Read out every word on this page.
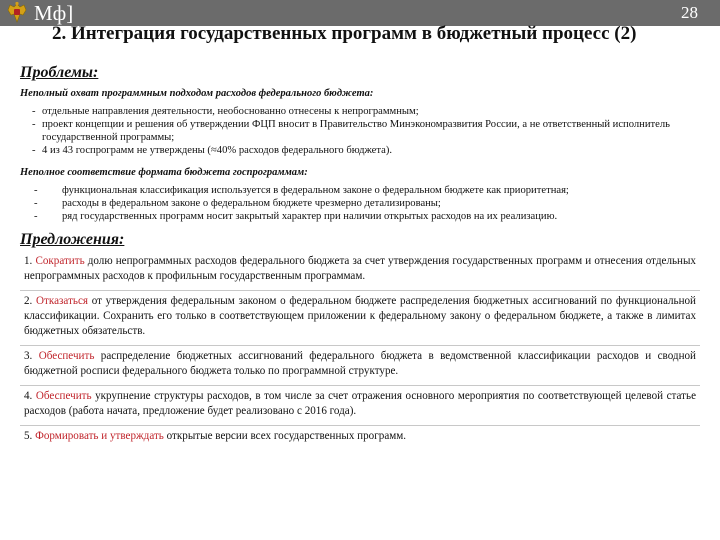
Мф]	28
2. Интеграция государственных программ в бюджетный процесс (2)
Проблемы:
Неполный охват программным подходом расходов федерального бюджета:
- отдельные направления деятельности, необоснованно отнесены к непрограммным;
- проект концепции и решения об утверждении ФЦП вносит в Правительство Минэкономразвития России, а не ответственный исполнитель государственной программы;
- 4 из 43 госпрограмм не утверждены (≈40% расходов федерального бюджета).
Неполное соответствие формата бюджета госпрограммам:
- функциональная классификация используется в федеральном законе о федеральном бюджете как приоритетная;
- расходы в федеральном законе о федеральном бюджете чрезмерно детализированы;
- ряд государственных программ носит закрытый характер при наличии открытых расходов на их реализацию.
Предложения:
1. Сократить долю непрограммных расходов федерального бюджета за счет утверждения государственных программ и отнесения отдельных непрограммных расходов к профильным государственным программам.
2. Отказаться от утверждения федеральным законом о федеральном бюджете распределения бюджетных ассигнований по функциональной классификации. Сохранить его только в соответствующем приложении к федеральному закону о федеральном бюджете, а также в лимитах бюджетных обязательств.
3. Обеспечить распределение бюджетных ассигнований федерального бюджета в ведомственной классификации расходов и сводной бюджетной росписи федерального бюджета только по программной структуре.
4. Обеспечить укрупнение структуры расходов, в том числе за счет отражения основного мероприятия по соответствующей целевой статье расходов (работа начата, предложение будет реализовано с 2016 года).
5. Формировать и утверждать открытые версии всех государственных программ.
